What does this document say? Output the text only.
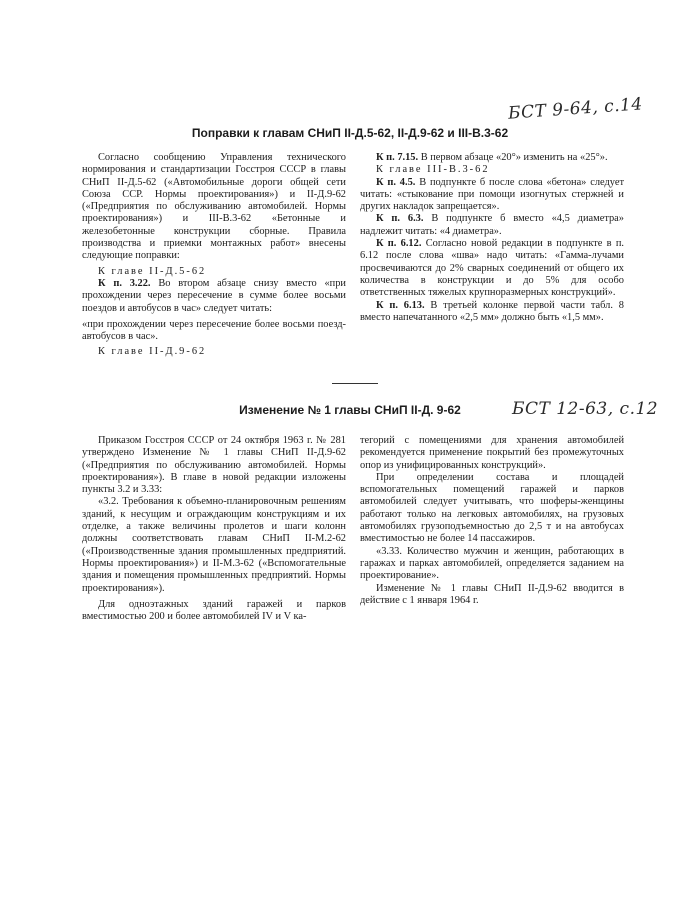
БСТ 9-64, с.14
Поправки к главам СНиП II-Д.5-62, II-Д.9-62 и III-В.3-62

Согласно сообщению Управления технического нормирования и стандартизации Госстроя СССР в главы СНиП II-Д.5-62 («Автомобильные дороги общей сети Союза ССР. Нормы проектирования») и II-Д.9-62 («Предприятия по обслуживанию автомобилей. Нормы проектирования») и III-В.3-62 «Бетонные и железобетонные конструкции сборные. Правила производства и приемки монтажных работ» внесены следующие поправки:

К главе II-Д.5-62

К п. 3.22. Во втором абзаце снизу вместо «при прохождении через пересечение в сумме более восьми поездов и автобусов в час» следует читать:

«при прохождении через пересечение более восьми поезд-автобусов в час».

К главе II-Д.9-62

К п. 7.15. В первом абзаце «20°» изменить на «25°».

К главе III-В.3-62

К п. 4.5. В подпункте б после слова «бетона» следует читать: «стыкование при помощи изогнутых стержней и других накладок запрещается».

К п. 6.3. В подпункте б вместо «4,5 диаметра» надлежит читать: «4 диаметра».

К п. 6.12. Согласно новой редакции в подпункте в п. 6.12 после слова «шва» надо читать: «Гамма-лучами просвечиваются до 2% сварных соединений от общего их количества в конструкции и до 5% для особо ответственных тяжелых крупноразмерных конструкций».

К п. 6.13. В третьей колонке первой части табл. 8 вместо напечатанного «2,5 мм» должно быть «1,5 мм».

БСТ 12-63, с.12
Изменение № 1 главы СНиП II-Д. 9-62

Приказом Госстроя СССР от 24 октября 1963 г. № 281 утверждено Изменение № 1 главы СНиП II-Д.9-62 («Предприятия по обслуживанию автомобилей. Нормы проектирования»). В главе в новой редакции изложены пункты 3.2 и 3.33:

«3.2. Требования к объемно-планировочным решениям зданий, к несущим и ограждающим конструкциям и их отделке, а также величины пролетов и шаги колонн должны соответствовать главам СНиП II-М.2-62 («Производственные здания промышленных предприятий. Нормы проектирования») и II-М.3-62 («Вспомогательные здания и помещения промышленных предприятий. Нормы проектирования»).

Для одноэтажных зданий гаражей и парков вместимостью 200 и более автомобилей IV и V ка-

тегорий с помещениями для хранения автомобилей рекомендуется применение покрытий без промежуточных опор из унифицированных конструкций».

При определении состава и площадей вспомогательных помещений гаражей и парков автомобилей следует учитывать, что шоферы-женщины работают только на легковых автомобилях, на грузовых автомобилях грузоподъемностью до 2,5 т и на автобусах вместимостью не более 14 пассажиров.

«3.33. Количество мужчин и женщин, работающих в гаражах и парках автомобилей, определяется заданием на проектирование».

Изменение № 1 главы СНиП II-Д.9-62 вводится в действие с 1 января 1964 г.
